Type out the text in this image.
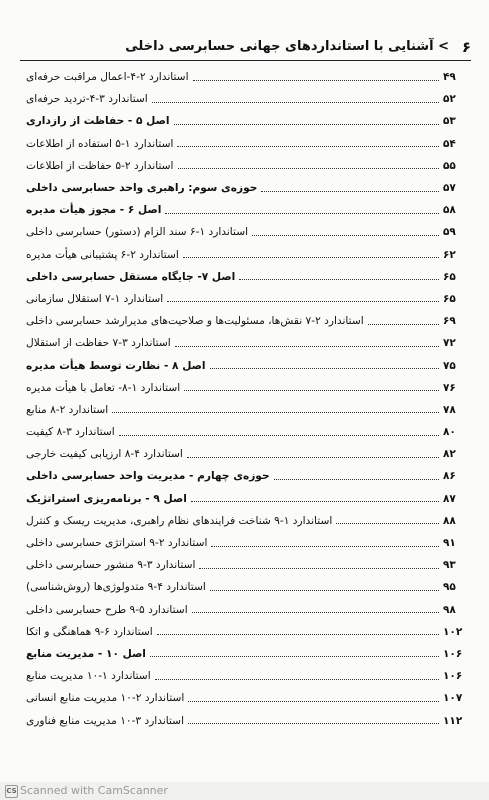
۶
> آشنایی با استانداردهای جهانی حسابرسی داخلی
استاندارد ۲-۴-اعمال مراقبت حرفه‌ای	۴۹
استاندارد ۳-۴-تردید حرفه‌ای	۵۲
اصل ۵ - حفاظت از رازداری	۵۳
استاندارد ۱-۵ استفاده از اطلاعات	۵۴
استاندارد ۲-۵ حفاظت از اطلاعات	۵۵
حوزه‌ی سوم: راهبری واحد حسابرسی داخلی	۵۷
اصل ۶ - مجوز هیأت مدیره	۵۸
استاندارد ۱-۶ سند الزام (دستور) حسابرسی داخلی	۵۹
استاندارد ۲-۶ پشتیبانی هیأت مدیره	۶۲
اصل ۷- جایگاه مستقل حسابرسی داخلی	۶۵
استاندارد ۱-۷ استقلال سازمانی	۶۵
استاندارد ۲-۷ نقش‌ها، مسئولیت‌ها و صلاحیت‌های مدیرارشد حسابرسی داخلی	۶۹
استاندارد ۳-۷ حفاظت از استقلال	۷۲
اصل ۸ - نظارت توسط هیأت مدیره	۷۵
استاندارد ۱-۸- تعامل با هیأت مدیره	۷۶
استاندارد ۲-۸ منابع	۷۸
استاندارد ۳-۸ کیفیت	۸۰
استاندارد ۴-۸ ارزیابی کیفیت خارجی	۸۲
حوزه‌ی چهارم - مدیریت واحد حسابرسی داخلی	۸۶
اصل ۹ - برنامه‌ریزی استراتژیک	۸۷
استاندارد ۱-۹ شناخت فرایندهای نظام راهبری، مدیریت ریسک و کنترل	۸۸
استاندارد ۲-۹ استراتژی حسابرسی داخلی	۹۱
استاندارد ۳-۹ منشور حسابرسی داخلی	۹۳
استاندارد ۴-۹ متدولوژی‌ها (روش‌شناسی)	۹۵
استاندارد ۵-۹ طرح حسابرسی داخلی	۹۸
استاندارد ۶-۹ هماهنگی و اتکا	۱۰۲
اصل ۱۰ - مدیریت منابع	۱۰۶
استاندارد ۱-۱۰ مدیریت منابع	۱۰۶
استاندارد ۲-۱۰ مدیریت منابع انسانی	۱۰۷
استاندارد ۳-۱۰ مدیریت منابع فناوری	۱۱۲
CS Scanned with CamScanner
